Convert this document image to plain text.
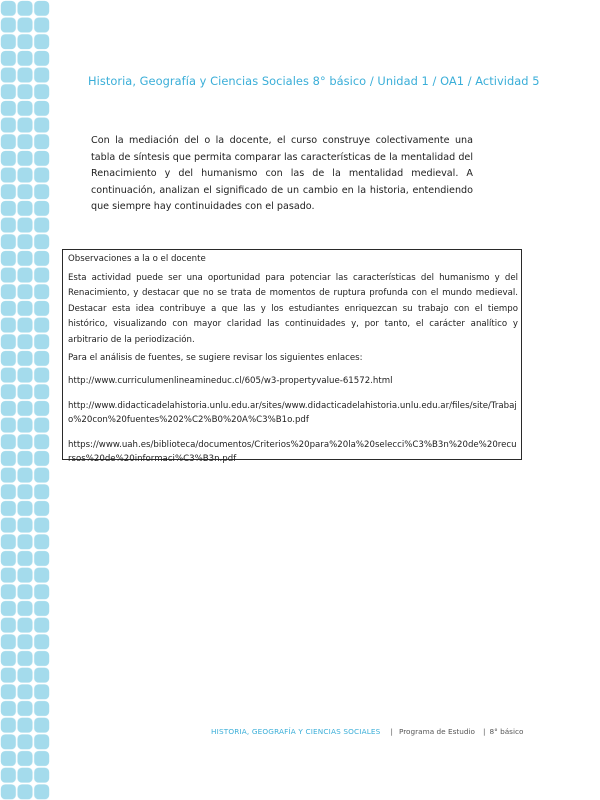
Historia, Geografía y Ciencias Sociales 8° básico / Unidad 1 / OA1 / Actividad 5
Con la mediación del o la docente, el curso construye colectivamente una tabla de síntesis que permita comparar las características de la mentalidad del Renacimiento y del humanismo con las de la mentalidad medieval. A continuación, analizan el significado de un cambio en la historia, entendiendo que siempre hay continuidades con el pasado.
Observaciones a la o el docente
Esta actividad puede ser una oportunidad para potenciar las características del humanismo y del Renacimiento, y destacar que no se trata de momentos de ruptura profunda con el mundo medieval. Destacar esta idea contribuye a que las y los estudiantes enriquezcan su trabajo con el tiempo histórico, visualizando con mayor claridad las continuidades y, por tanto, el carácter analítico y arbitrario de la periodización.
Para el análisis de fuentes, se sugiere revisar los siguientes enlaces:
http://www.curriculumenlineamineduc.cl/605/w3-propertyvalue-61572.html
http://www.didacticadelahistoria.unlu.edu.ar/sites/www.didacticadelahistoria.unlu.edu.ar/files/site/Trabajo%20con%20fuentes%202%C2%B0%20A%C3%B1o.pdf
https://www.uah.es/biblioteca/documentos/Criterios%20para%20la%20selecci%C3%B3n%20de%20recursos%20de%20informaci%C3%B3n.pdf
HISTORIA, GEOGRAFÍA Y CIENCIAS SOCIALES | Programa de Estudio | 8° básico
